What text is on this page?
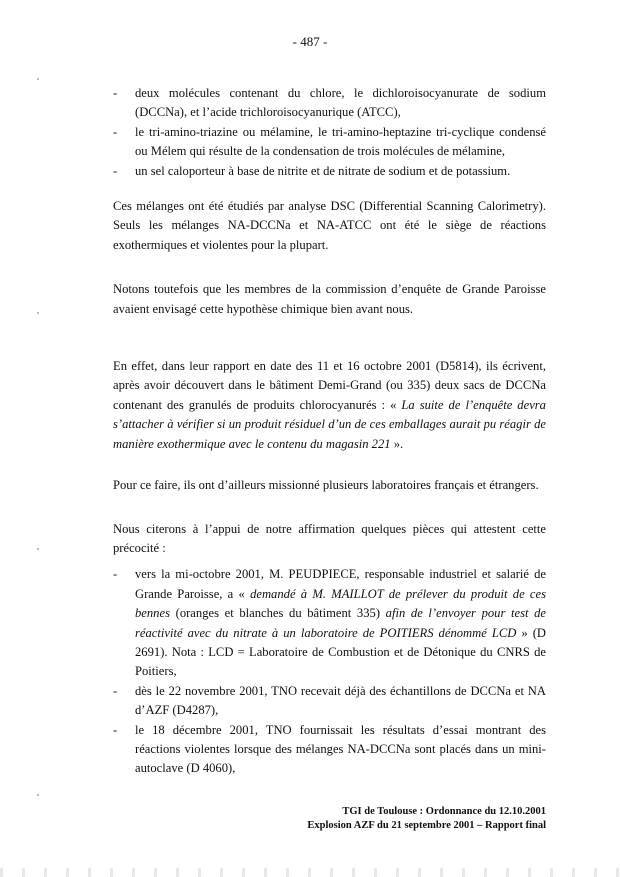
- 487 -
- deux molécules contenant du chlore, le dichloroisocyanurate de sodium (DCCNa), et l’acide trichloroisocyanurique (ATCC),
- le tri-amino-triazine ou mélamine, le tri-amino-heptazine tri-cyclique condensé ou Mélem qui résulte de la condensation de trois molécules de mélamine,
- un sel caloporteur à base de nitrite et de nitrate de sodium et de potassium.

Ces mélanges ont été étudiés par analyse DSC (Differential Scanning Calorimetry). Seuls les mélanges NA-DCCNa et NA-ATCC ont été le siège de réactions exothermiques et violentes pour la plupart.

Notons toutefois que les membres de la commission d’enquête de Grande Paroisse avaient envisagé cette hypothèse chimique bien avant nous.

En effet, dans leur rapport en date des 11 et 16 octobre 2001 (D5814), ils écrivent, après avoir découvert dans le bâtiment Demi-Grand (ou 335) deux sacs de DCCNa contenant des granulés de produits chlorocyanurés : « La suite de l’enquête devra s’attacher à vérifier si un produit résiduel d’un de ces emballages aurait pu réagir de manière exothermique avec le contenu du magasin 221 ».

Pour ce faire, ils ont d’ailleurs missionné plusieurs laboratoires français et étrangers.

Nous citerons à l’appui de notre affirmation quelques pièces qui attestent cette précocité :

- vers la mi-octobre 2001, M. PEUDPIECE, responsable industriel et salarié de Grande Paroisse, a « demandé à M. MAILLOT de prélever du produit de ces bennes (oranges et blanches du bâtiment 335) afin de l’envoyer pour test de réactivité avec du nitrate à un laboratoire de POITIERS dénommé LCD » (D 2691). Nota : LCD = Laboratoire de Combustion et de Détonique du CNRS de Poitiers,
- dès le 22 novembre 2001, TNO recevait déjà des échantillons de DCCNa et NA d’AZF (D4287),
- le 18 décembre 2001, TNO fournissait les résultats d’essai montrant des réactions violentes lorsque des mélanges NA-DCCNa sont placés dans un mini-autoclave (D 4060),
TGI de Toulouse : Ordonnance du 12.10.2001
Explosion AZF du 21 septembre 2001 – Rapport final
